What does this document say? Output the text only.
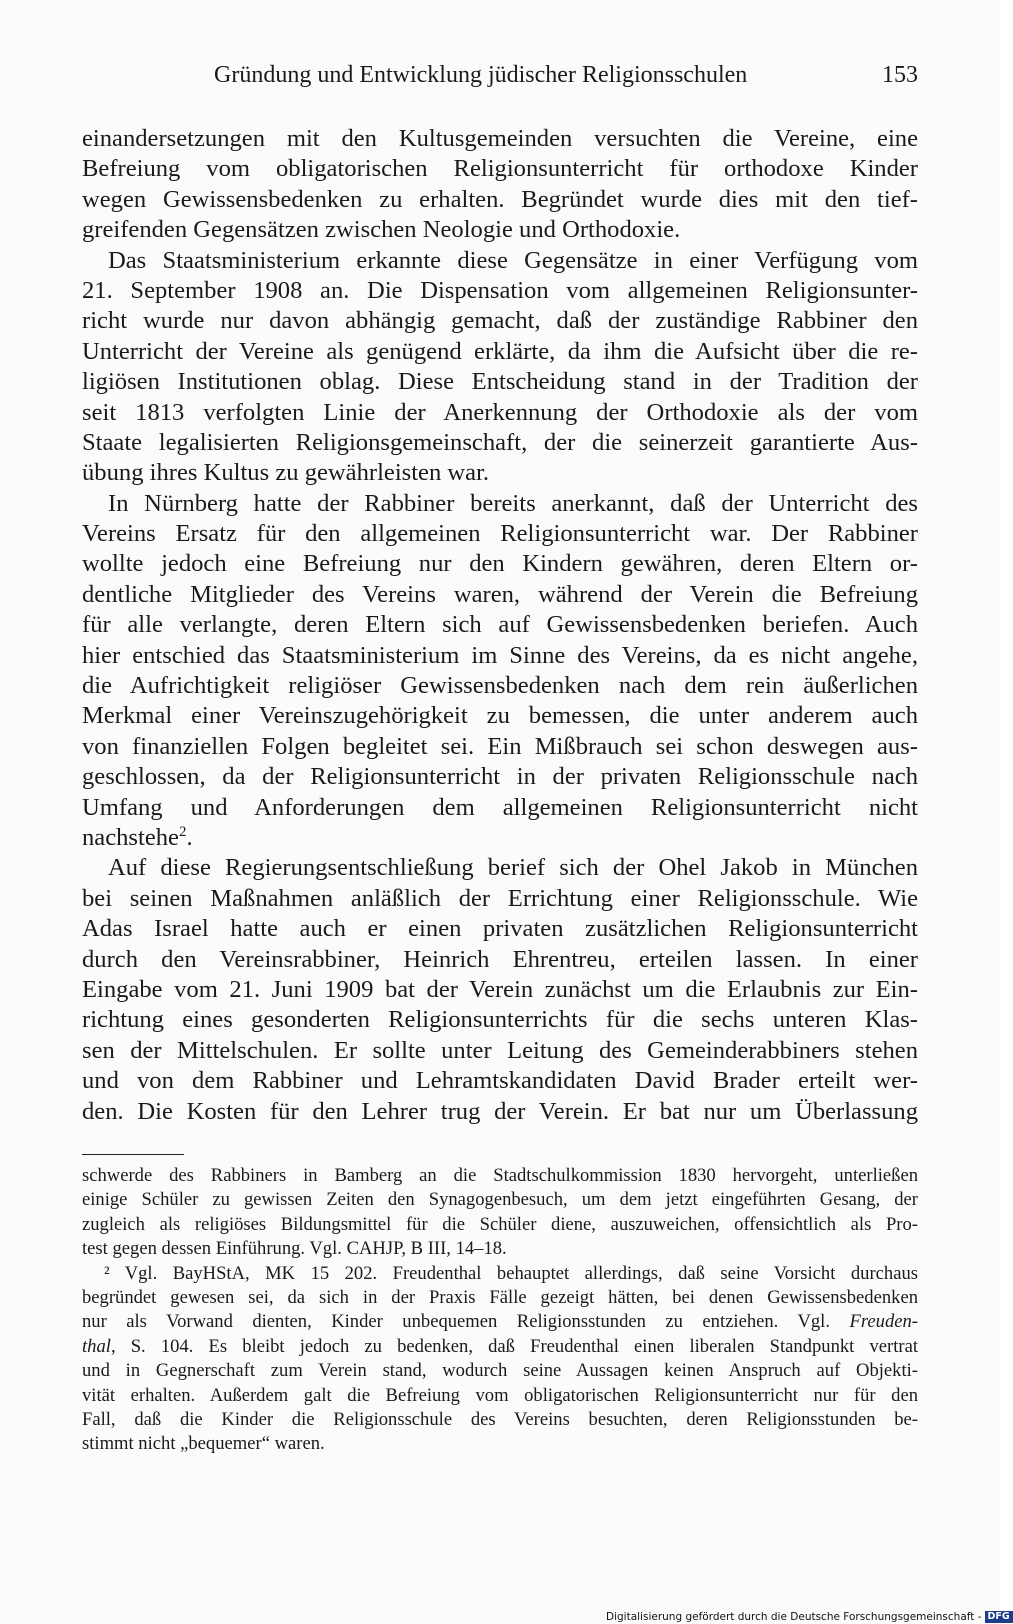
Gründung und Entwicklung jüdischer Religionsschulen	153
einandersetzungen mit den Kultusgemeinden versuchten die Vereine, eine
Befreiung vom obligatorischen Religionsunterricht für orthodoxe Kinder
wegen Gewissensbedenken zu erhalten. Begründet wurde dies mit den tief-
greifenden Gegensätzen zwischen Neologie und Orthodoxie.
Das Staatsministerium erkannte diese Gegensätze in einer Verfügung vom
21. September 1908 an. Die Dispensation vom allgemeinen Religionsunter-
richt wurde nur davon abhängig gemacht, daß der zuständige Rabbiner den
Unterricht der Vereine als genügend erklärte, da ihm die Aufsicht über die re-
ligiösen Institutionen oblag. Diese Entscheidung stand in der Tradition der
seit 1813 verfolgten Linie der Anerkennung der Orthodoxie als der vom
Staate legalisierten Religionsgemeinschaft, der die seinerzeit garantierte Aus-
übung ihres Kultus zu gewährleisten war.
In Nürnberg hatte der Rabbiner bereits anerkannt, daß der Unterricht des
Vereins Ersatz für den allgemeinen Religionsunterricht war. Der Rabbiner
wollte jedoch eine Befreiung nur den Kindern gewähren, deren Eltern or-
dentliche Mitglieder des Vereins waren, während der Verein die Befreiung
für alle verlangte, deren Eltern sich auf Gewissensbedenken beriefen. Auch
hier entschied das Staatsministerium im Sinne des Vereins, da es nicht angehe,
die Aufrichtigkeit religiöser Gewissensbedenken nach dem rein äußerlichen
Merkmal einer Vereinszugehörigkeit zu bemessen, die unter anderem auch
von finanziellen Folgen begleitet sei. Ein Mißbrauch sei schon deswegen aus-
geschlossen, da der Religionsunterricht in der privaten Religionsschule nach
Umfang und Anforderungen dem allgemeinen Religionsunterricht nicht
nachstehe$^2$.
Auf diese Regierungsentschließung berief sich der Ohel Jakob in München
bei seinen Maßnahmen anläßlich der Errichtung einer Religionsschule. Wie
Adas Israel hatte auch er einen privaten zusätzlichen Religionsunterricht
durch den Vereinsrabbiner, Heinrich Ehrentreu, erteilen lassen. In einer
Eingabe vom 21. Juni 1909 bat der Verein zunächst um die Erlaubnis zur Ein-
richtung eines gesonderten Religionsunterrichts für die sechs unteren Klas-
sen der Mittelschulen. Er sollte unter Leitung des Gemeinderabbiners stehen
und von dem Rabbiner und Lehramtskandidaten David Brader erteilt wer-
den. Die Kosten für den Lehrer trug der Verein. Er bat nur um Überlassung
schwerde des Rabbiners in Bamberg an die Stadtschulkommission 1830 hervorgeht, unterließen
einige Schüler zu gewissen Zeiten den Synagogenbesuch, um dem jetzt eingeführten Gesang, der
zugleich als religiöses Bildungsmittel für die Schüler diene, auszuweichen, offensichtlich als Pro-
test gegen dessen Einführung. Vgl. CAHJP, B III, 14–18.
² Vgl. BayHStA, MK 15 202. Freudenthal behauptet allerdings, daß seine Vorsicht durchaus
begründet gewesen sei, da sich in der Praxis Fälle gezeigt hätten, bei denen Gewissensbedenken
nur als Vorwand dienten, Kinder unbequemen Religionsstunden zu entziehen. Vgl. Freuden-
thal, S. 104. Es bleibt jedoch zu bedenken, daß Freudenthal einen liberalen Standpunkt vertrat
und in Gegnerschaft zum Verein stand, wodurch seine Aussagen keinen Anspruch auf Objekti-
vität erhalten. Außerdem galt die Befreiung vom obligatorischen Religionsunterricht nur für den
Fall, daß die Kinder die Religionsschule des Vereins besuchten, deren Religionsstunden be-
stimmt nicht „bequemer“ waren.
Digitalisierung gefördert durch die Deutsche Forschungsgemeinschaft - DFG
